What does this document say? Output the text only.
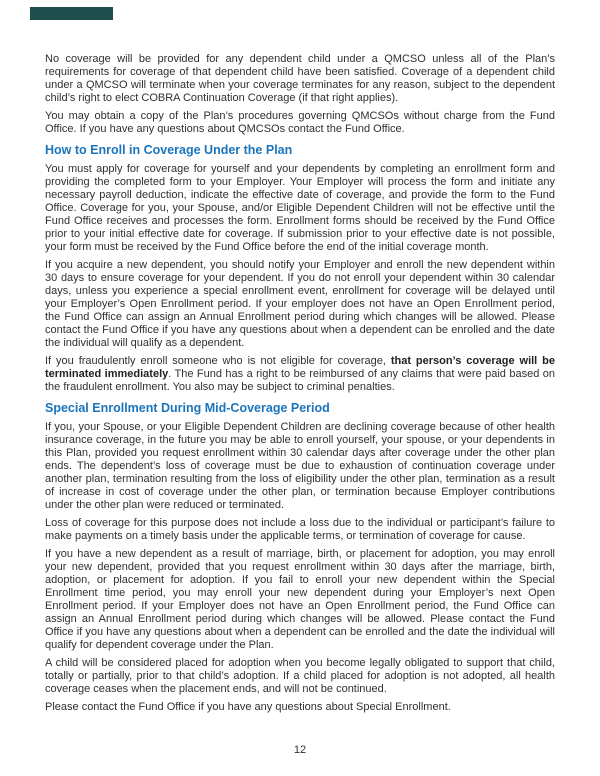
No coverage will be provided for any dependent child under a QMCSO unless all of the Plan’s requirements for coverage of that dependent child have been satisfied. Coverage of a dependent child under a QMCSO will terminate when your coverage terminates for any reason, subject to the dependent child’s right to elect COBRA Continuation Coverage (if that right applies).

You may obtain a copy of the Plan’s procedures governing QMCSOs without charge from the Fund Office. If you have any questions about QMCSOs contact the Fund Office.

How to Enroll in Coverage Under the Plan

You must apply for coverage for yourself and your dependents by completing an enrollment form and providing the completed form to your Employer. Your Employer will process the form and initiate any necessary payroll deduction, indicate the effective date of coverage, and provide the form to the Fund Office. Coverage for you, your Spouse, and/or Eligible Dependent Children will not be effective until the Fund Office receives and processes the form. Enrollment forms should be received by the Fund Office prior to your initial effective date for coverage. If submission prior to your effective date is not possible, your form must be received by the Fund Office before the end of the initial coverage month.

If you acquire a new dependent, you should notify your Employer and enroll the new dependent within 30 days to ensure coverage for your dependent. If you do not enroll your dependent within 30 calendar days, unless you experience a special enrollment event, enrollment for coverage will be delayed until your Employer’s Open Enrollment period. If your employer does not have an Open Enrollment period, the Fund Office can assign an Annual Enrollment period during which changes will be allowed. Please contact the Fund Office if you have any questions about when a dependent can be enrolled and the date the individual will qualify as a dependent.

If you fraudulently enroll someone who is not eligible for coverage, that person’s coverage will be terminated immediately. The Fund has a right to be reimbursed of any claims that were paid based on the fraudulent enrollment. You also may be subject to criminal penalties.

Special Enrollment During Mid-Coverage Period

If you, your Spouse, or your Eligible Dependent Children are declining coverage because of other health insurance coverage, in the future you may be able to enroll yourself, your spouse, or your dependents in this Plan, provided you request enrollment within 30 calendar days after coverage under the other plan ends. The dependent’s loss of coverage must be due to exhaustion of continuation coverage under another plan, termination resulting from the loss of eligibility under the other plan, termination as a result of increase in cost of coverage under the other plan, or termination because Employer contributions under the other plan were reduced or terminated.

Loss of coverage for this purpose does not include a loss due to the individual or participant’s failure to make payments on a timely basis under the applicable terms, or termination of coverage for cause.

If you have a new dependent as a result of marriage, birth, or placement for adoption, you may enroll your new dependent, provided that you request enrollment within 30 days after the marriage, birth, adoption, or placement for adoption. If you fail to enroll your new dependent within the Special Enrollment time period, you may enroll your new dependent during your Employer’s next Open Enrollment period. If your Employer does not have an Open Enrollment period, the Fund Office can assign an Annual Enrollment period during which changes will be allowed. Please contact the Fund Office if you have any questions about when a dependent can be enrolled and the date the individual will qualify for dependent coverage under the Plan.

A child will be considered placed for adoption when you become legally obligated to support that child, totally or partially, prior to that child’s adoption. If a child placed for adoption is not adopted, all health coverage ceases when the placement ends, and will not be continued.

Please contact the Fund Office if you have any questions about Special Enrollment.

12
